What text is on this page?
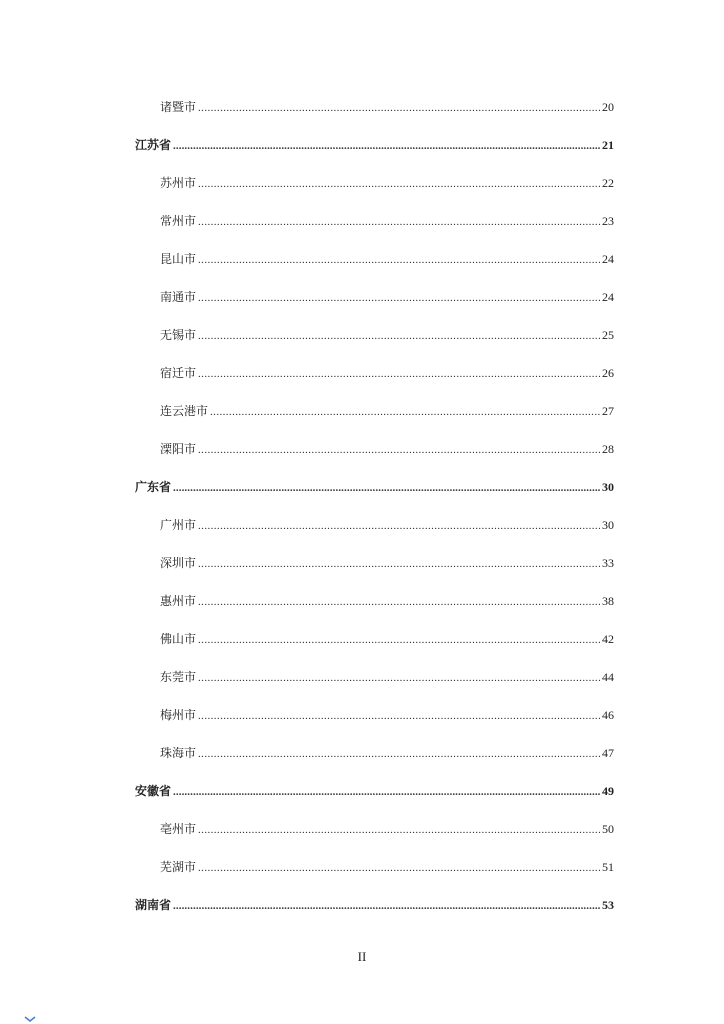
诸暨市 .....	20
江苏省 .....	21
苏州市 .....	22
常州市 .....	23
昆山市 .....	24
南通市 .....	24
无锡市 .....	25
宿迁市 .....	26
连云港市 .....	27
溧阳市 .....	28
广东省 .....	30
广州市 .....	30
深圳市 .....	33
惠州市 .....	38
佛山市 .....	42
东莞市 .....	44
梅州市 .....	46
珠海市 .....	47
安徽省 .....	49
亳州市 .....	50
芜湖市 .....	51
湖南省 .....	53
II
